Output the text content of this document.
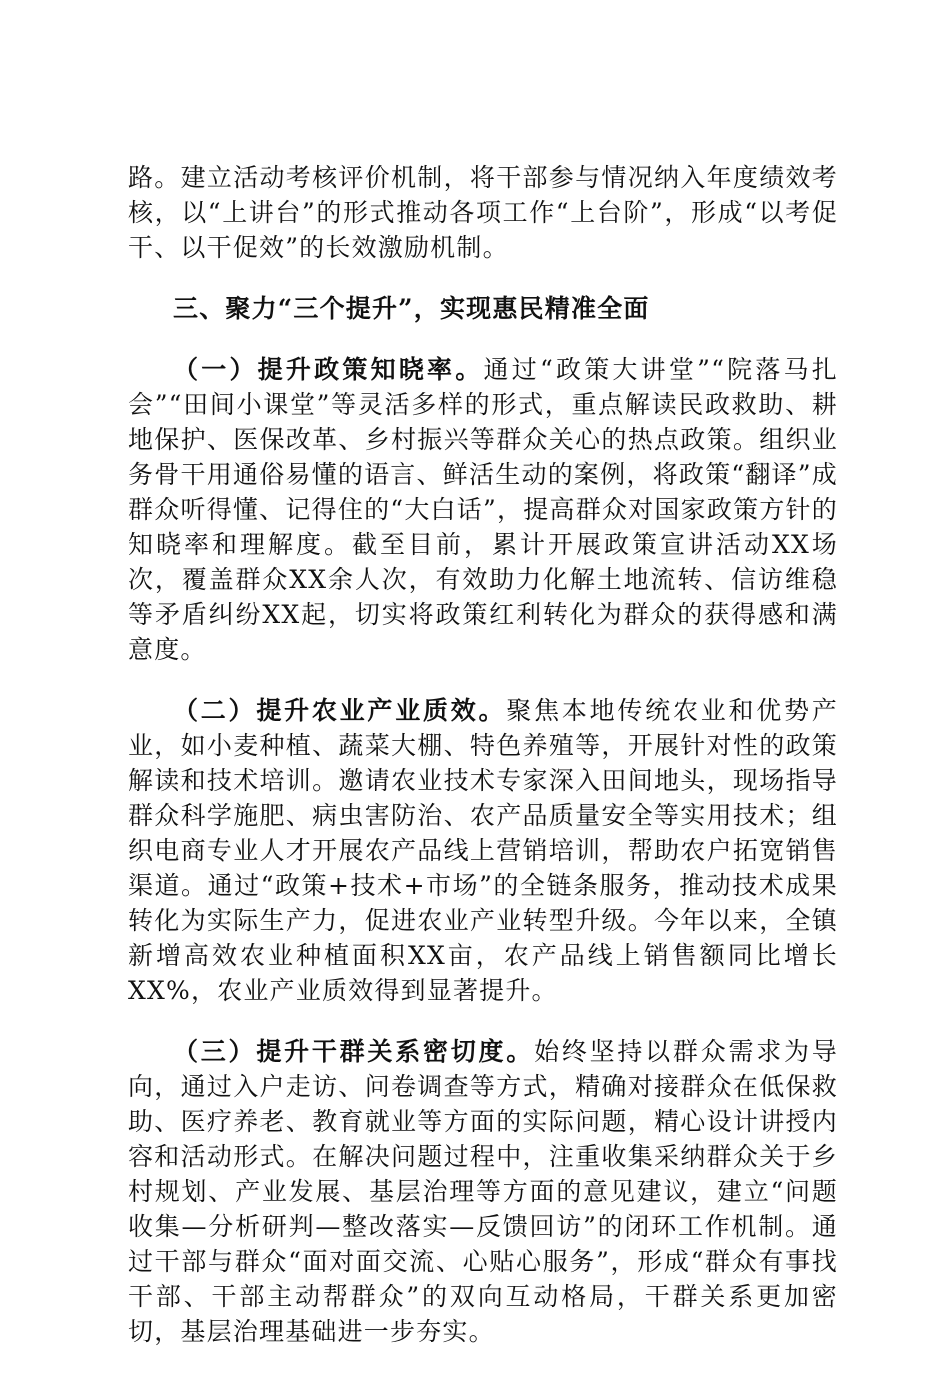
路。建立活动考核评价机制，将干部参与情况纳入年度绩效考核，以“上讲台”的形式推动各项工作“上台阶”，形成“以考促干、以干促效”的长效激励机制。

三、聚力“三个提升”，实现惠民精准全面

（一）提升政策知晓率。通过“政策大讲堂”“院落马扎会”“田间小课堂”等灵活多样的形式，重点解读民政救助、耕地保护、医保改革、乡村振兴等群众关心的热点政策。组织业务骨干用通俗易懂的语言、鲜活生动的案例，将政策“翻译”成群众听得懂、记得住的“大白话”，提高群众对国家政策方针的知晓率和理解度。截至目前，累计开展政策宣讲活动XX场次，覆盖群众XX余人次，有效助力化解土地流转、信访维稳等矛盾纠纷XX起，切实将政策红利转化为群众的获得感和满意度。

（二）提升农业产业质效。聚焦本地传统农业和优势产业，如小麦种植、蔬菜大棚、特色养殖等，开展针对性的政策解读和技术培训。邀请农业技术专家深入田间地头，现场指导群众科学施肥、病虫害防治、农产品质量安全等实用技术；组织电商专业人才开展农产品线上营销培训，帮助农户拓宽销售渠道。通过“政策+技术+市场”的全链条服务，推动技术成果转化为实际生产力，促进农业产业转型升级。今年以来，全镇新增高效农业种植面积XX亩，农产品线上销售额同比增长XX%，农业产业质效得到显著提升。

（三）提升干群关系密切度。始终坚持以群众需求为导向，通过入户走访、问卷调查等方式，精确对接群众在低保救助、医疗养老、教育就业等方面的实际问题，精心设计讲授内容和活动形式。在解决问题过程中，注重收集采纳群众关于乡村规划、产业发展、基层治理等方面的意见建议，建立“问题收集—分析研判—整改落实—反馈回访”的闭环工作机制。通过干部与群众“面对面交流、心贴心服务”，形成“群众有事找干部、干部主动帮群众”的双向互动格局，干群关系更加密切，基层治理基础进一步夯实。
